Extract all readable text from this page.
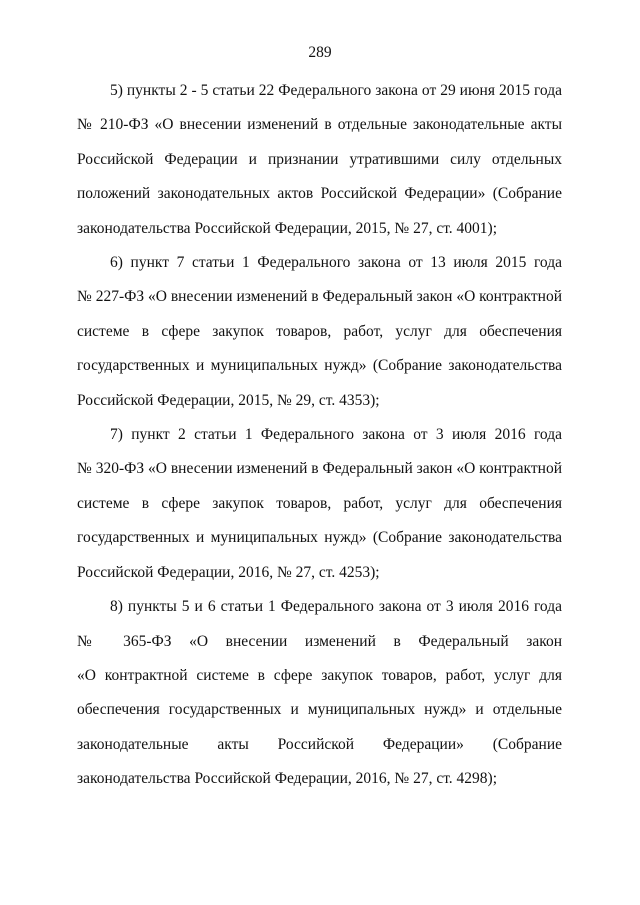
289
5) пункты 2 - 5 статьи 22 Федерального закона от 29 июня 2015 года
№ 210-ФЗ «О внесении изменений в отдельные законодательные акты
Российской Федерации и признании утратившими силу отдельных
положений законодательных актов Российской Федерации» (Собрание
законодательства Российской Федерации, 2015, № 27, ст. 4001);
6) пункт 7 статьи 1 Федерального закона от 13 июля 2015 года
№ 227-ФЗ «О внесении изменений в Федеральный закон «О контрактной
системе в сфере закупок товаров, работ, услуг для обеспечения
государственных и муниципальных нужд» (Собрание законодательства
Российской Федерации, 2015, № 29, ст. 4353);
7) пункт 2 статьи 1 Федерального закона от 3 июля 2016 года
№ 320-ФЗ «О внесении изменений в Федеральный закон «О контрактной
системе в сфере закупок товаров, работ, услуг для обеспечения
государственных и муниципальных нужд» (Собрание законодательства
Российской Федерации, 2016, № 27, ст. 4253);
8) пункты 5 и 6 статьи 1 Федерального закона от 3 июля 2016 года
№ 365-ФЗ «О внесении изменений в Федеральный закон
«О контрактной системе в сфере закупок товаров, работ, услуг для
обеспечения государственных и муниципальных нужд» и отдельные
законодательные акты Российской Федерации» (Собрание
законодательства Российской Федерации, 2016, № 27, ст. 4298);
